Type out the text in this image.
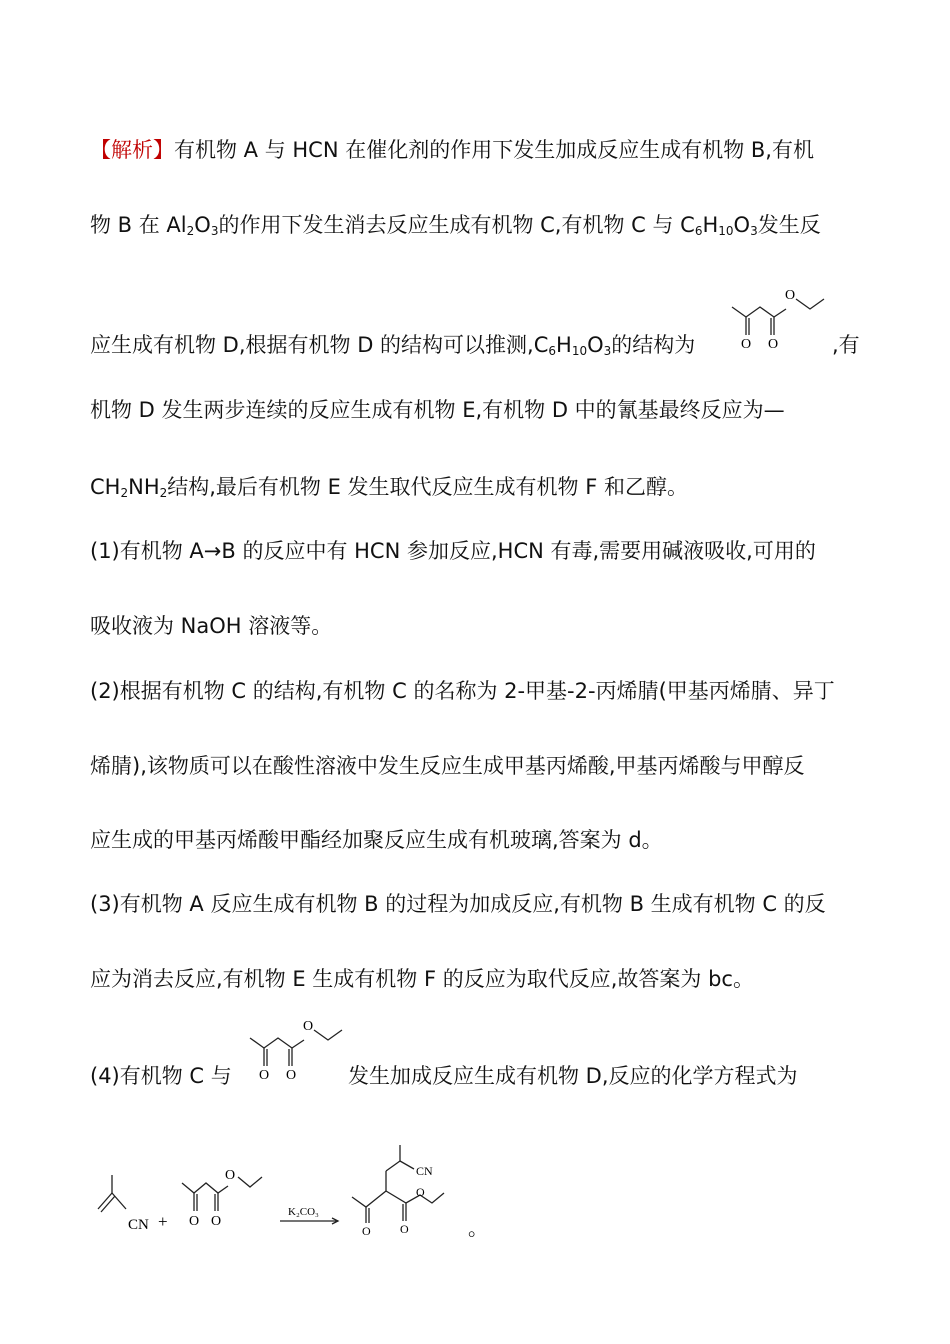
【解析】有机物 A 与 HCN 在催化剂的作用下发生加成反应生成有机物 B,有机
物 B 在 $Al_2O_3$的作用下发生消去反应生成有机物 C,有机物 C 与 $C_6H_{10}O_3$发生反
应生成有机物 D,根据有机物 D 的结构可以推测$,C_6H_{10}O_3$的结构为
O
O O	,有
机物 D 发生两步连续的反应生成有机物 E,有机物 D 中的氰基最终反应为—
$CH_2NH_2$结构,最后有机物 E 发生取代反应生成有机物 F 和乙醇。
(1)有机物 A→B 的反应中有 HCN 参加反应,HCN 有毒,需要用碱液吸收,可用的
吸收液为 NaOH 溶液等。
(2)根据有机物 C 的结构,有机物 C 的名称为 2-甲基-2-丙烯腈(甲基丙烯腈、异丁
烯腈),该物质可以在酸性溶液中发生反应生成甲基丙烯酸,甲基丙烯酸与甲醇反
应生成的甲基丙烯酸甲酯经加聚反应生成有机玻璃,答案为 d。
(3)有机物 A 反应生成有机物 B 的过程为加成反应,有机物 B 生成有机物 C 的反
应为消去反应,有机物 E 生成有机物 F 的反应为取代反应,故答案为 bc。
(4)有机物 C 与
O
O O 发生加成反应生成有机物 D,反应的化学方程式为
CN +
O
O O
K₂CO₃
CN
O
O O	。
